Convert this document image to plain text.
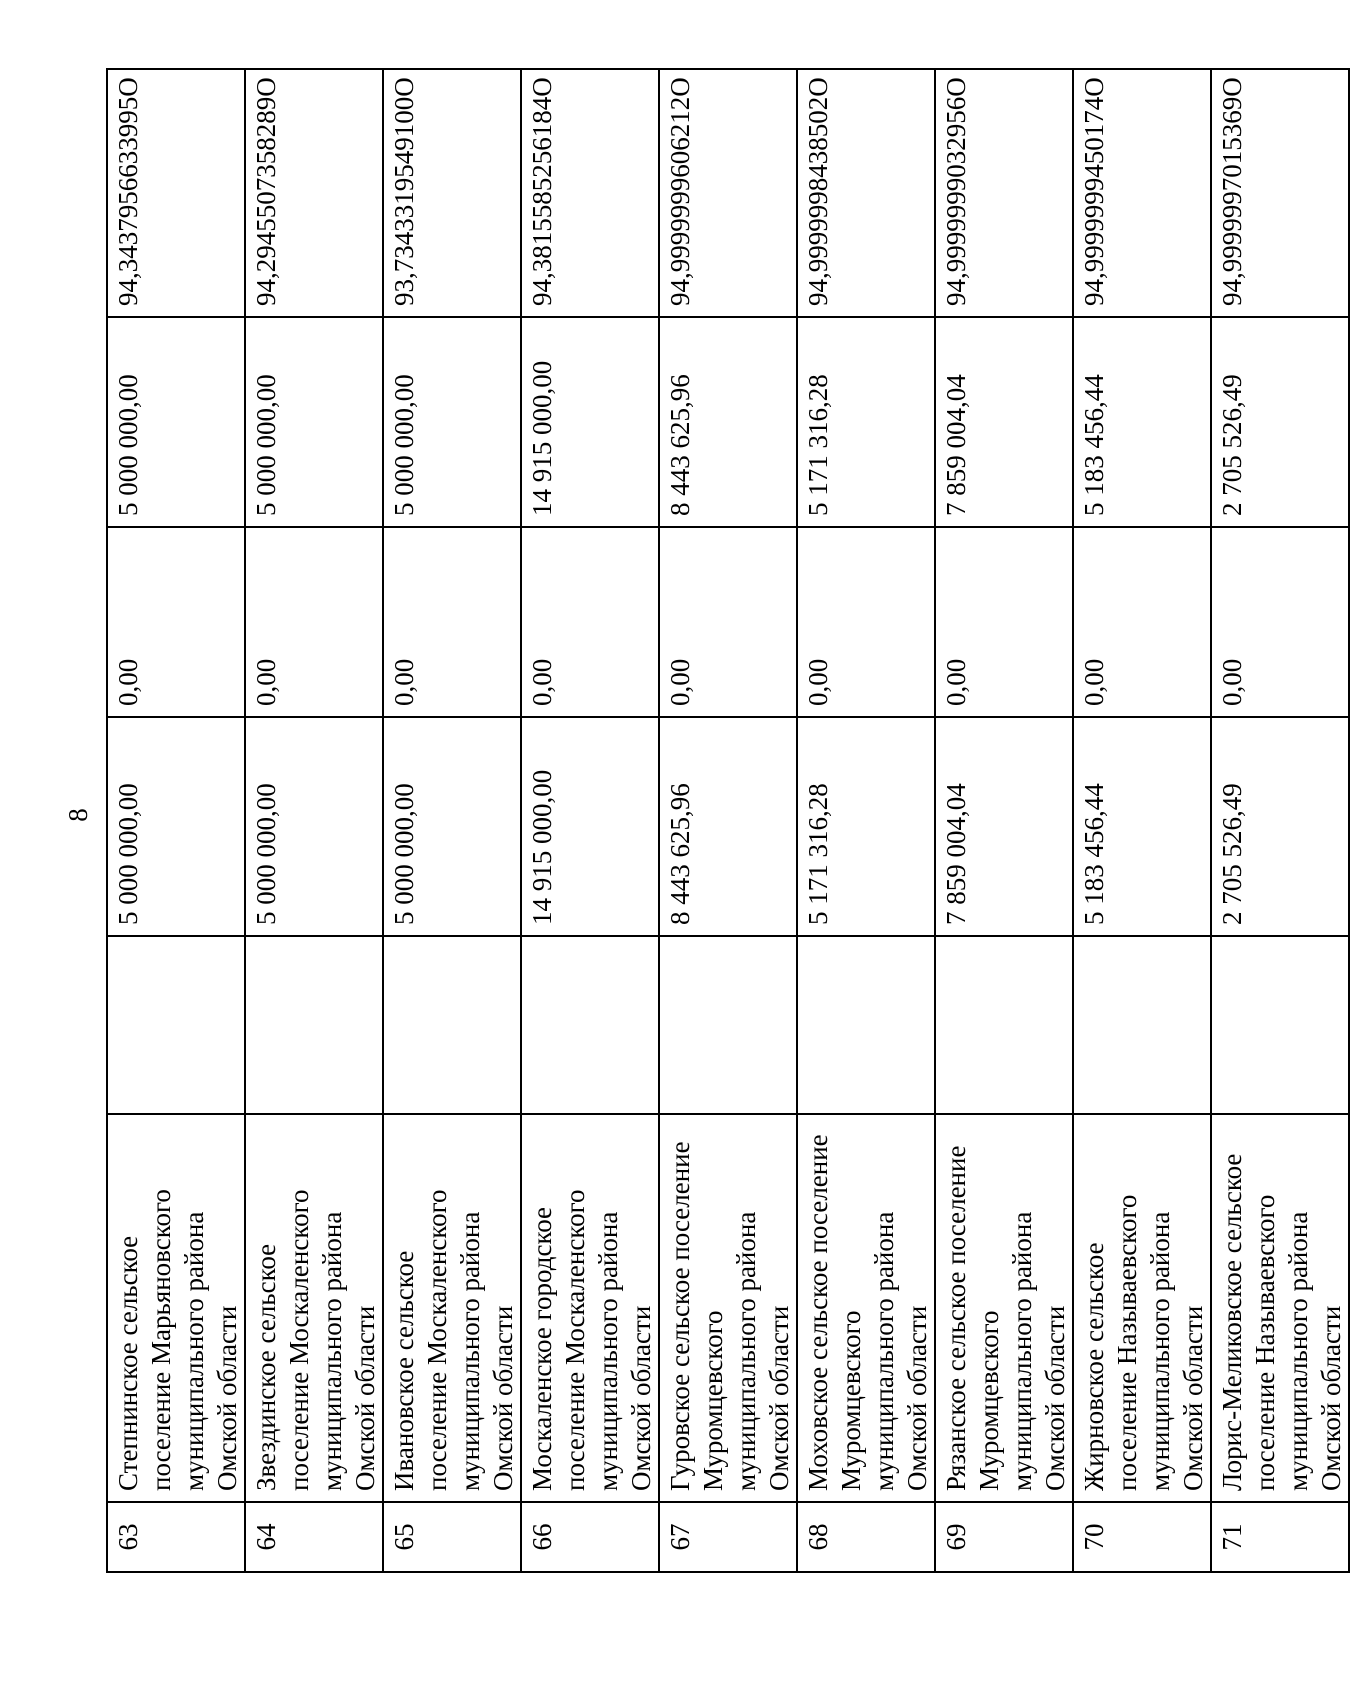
8
63	Степнинское сельское поселение Марьяновского муниципального района Омской области		5 000 000,00	0,00	5 000 000,00	94,3437956633995О
64	Звездинское сельское поселение Москаленского муниципального района Омской области		5 000 000,00	0,00	5 000 000,00	94,2945507358289О
65	Ивановское сельское поселение Москаленского муниципального района Омской области		5 000 000,00	0,00	5 000 000,00	93,7343319549100О
66	Москаленское городское поселение Москаленского муниципального района Омской области		14 915 000,00	0,00	14 915 000,00	94,3815585256184О
67	Гуровское сельское поселение Муромцевского муниципального района Омской области		8 443 625,96	0,00	8 443 625,96	94,9999999606212О
68	Моховское сельское поселение Муромцевского муниципального района Омской области		5 171 316,28	0,00	5 171 316,28	94,9999998438502О
69	Рязанское сельское поселение Муромцевского муниципального района Омской области		7 859 004,04	0,00	7 859 004,04	94,9999999032956О
70	Жирновское сельское поселение Называевского муниципального района Омской области		5 183 456,44	0,00	5 183 456,44	94,9999999450174О
71	Лорис-Меликовское сельское поселение Называевского муниципального района Омской области		2 705 526,49	0,00	2 705 526,49	94,9999997015369О
